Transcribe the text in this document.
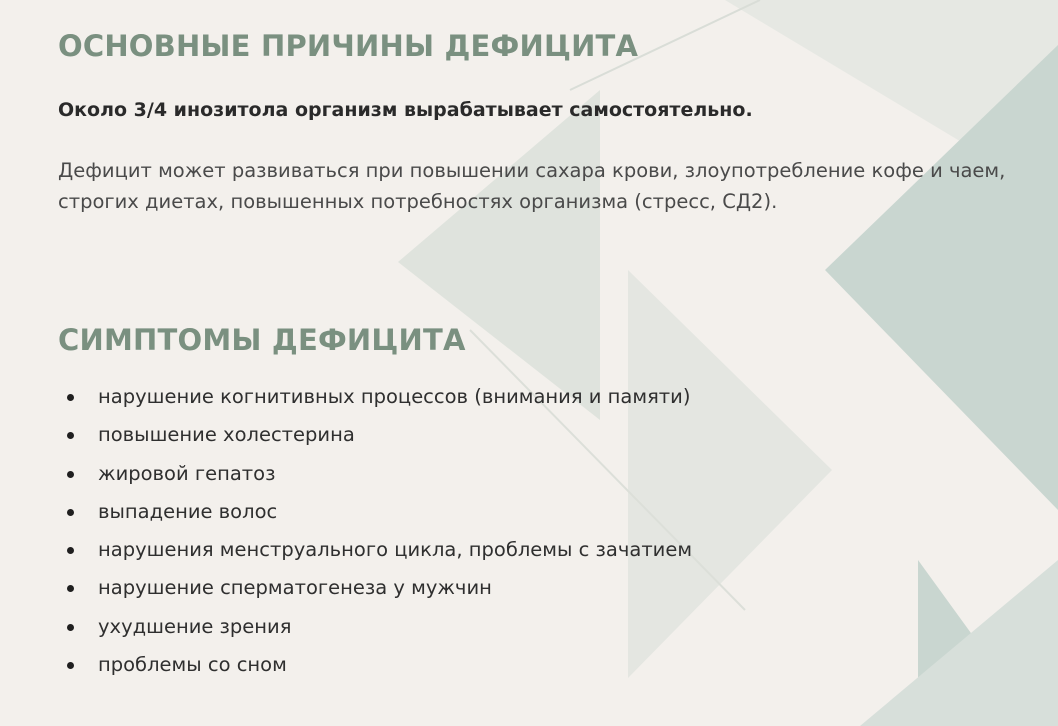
ОСНОВНЫЕ ПРИЧИНЫ ДЕФИЦИТА

Около 3/4 инозитола организм вырабатывает самостоятельно.

Дефицит может развиваться при повышении сахара крови, злоупотребление кофе и чаем, строгих диетах, повышенных потребностях организма (стресс, СД2).

СИМПТОМЫ ДЕФИЦИТА
нарушение когнитивных процессов (внимания и памяти)
повышение холестерина
жировой гепатоз
выпадение волос
нарушения менструального цикла, проблемы с зачатием
нарушение сперматогенеза у мужчин
ухудшение зрения
проблемы со сном
